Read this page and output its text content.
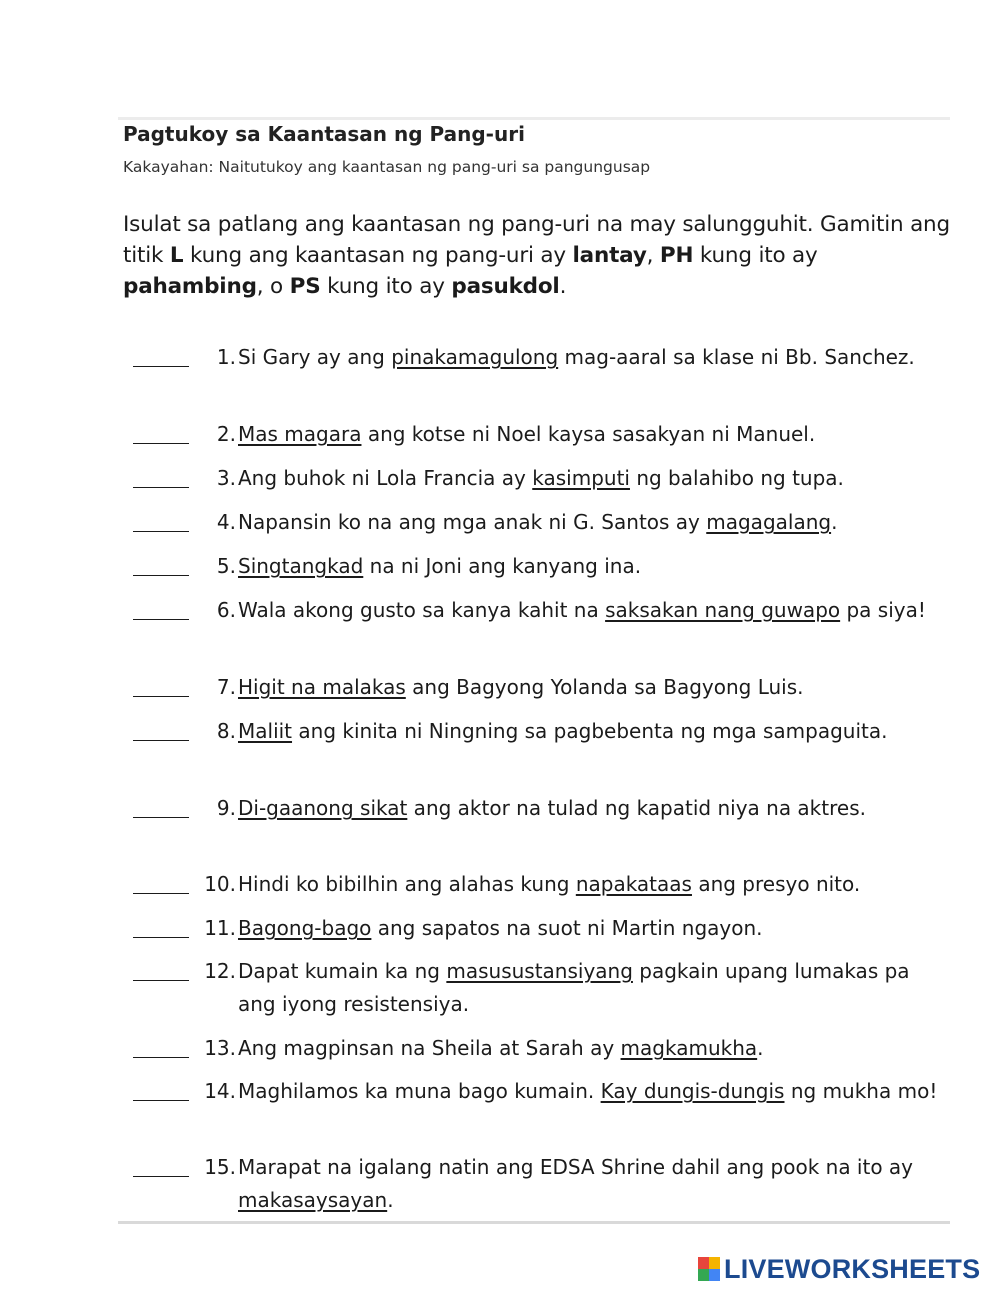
Pagtukoy sa Kaantasan ng Pang-uri
Kakayahan: Naitutukoy ang kaantasan ng pang-uri sa pangungusap
Isulat sa patlang ang kaantasan ng pang-uri na may salungguhit. Gamitin ang titik L kung ang kaantasan ng pang-uri ay lantay, PH kung ito ay pahambing, o PS kung ito ay pasukdol.
1. Si Gary ay ang pinakamagulong mag-aaral sa klase ni Bb. Sanchez.
2. Mas magara ang kotse ni Noel kaysa sasakyan ni Manuel.
3. Ang buhok ni Lola Francia ay kasimputi ng balahibo ng tupa.
4. Napansin ko na ang mga anak ni G. Santos ay magagalang.
5. Singtangkad na ni Joni ang kanyang ina.
6. Wala akong gusto sa kanya kahit na saksakan nang guwapo pa siya!
7. Higit na malakas ang Bagyong Yolanda sa Bagyong Luis.
8. Maliit ang kinita ni Ningning sa pagbebenta ng mga sampaguita.
9. Di-gaanong sikat ang aktor na tulad ng kapatid niya na aktres.
10. Hindi ko bibilhin ang alahas kung napakataas ang presyo nito.
11. Bagong-bago ang sapatos na suot ni Martin ngayon.
12. Dapat kumain ka ng masusustansiyang pagkain upang lumakas pa ang iyong resistensiya.
13. Ang magpinsan na Sheila at Sarah ay magkamukha.
14. Maghilamos ka muna bago kumain. Kay dungis-dungis ng mukha mo!
15. Marapat na igalang natin ang EDSA Shrine dahil ang pook na ito ay makasaysayan.
LIVEWORKSHEETS
